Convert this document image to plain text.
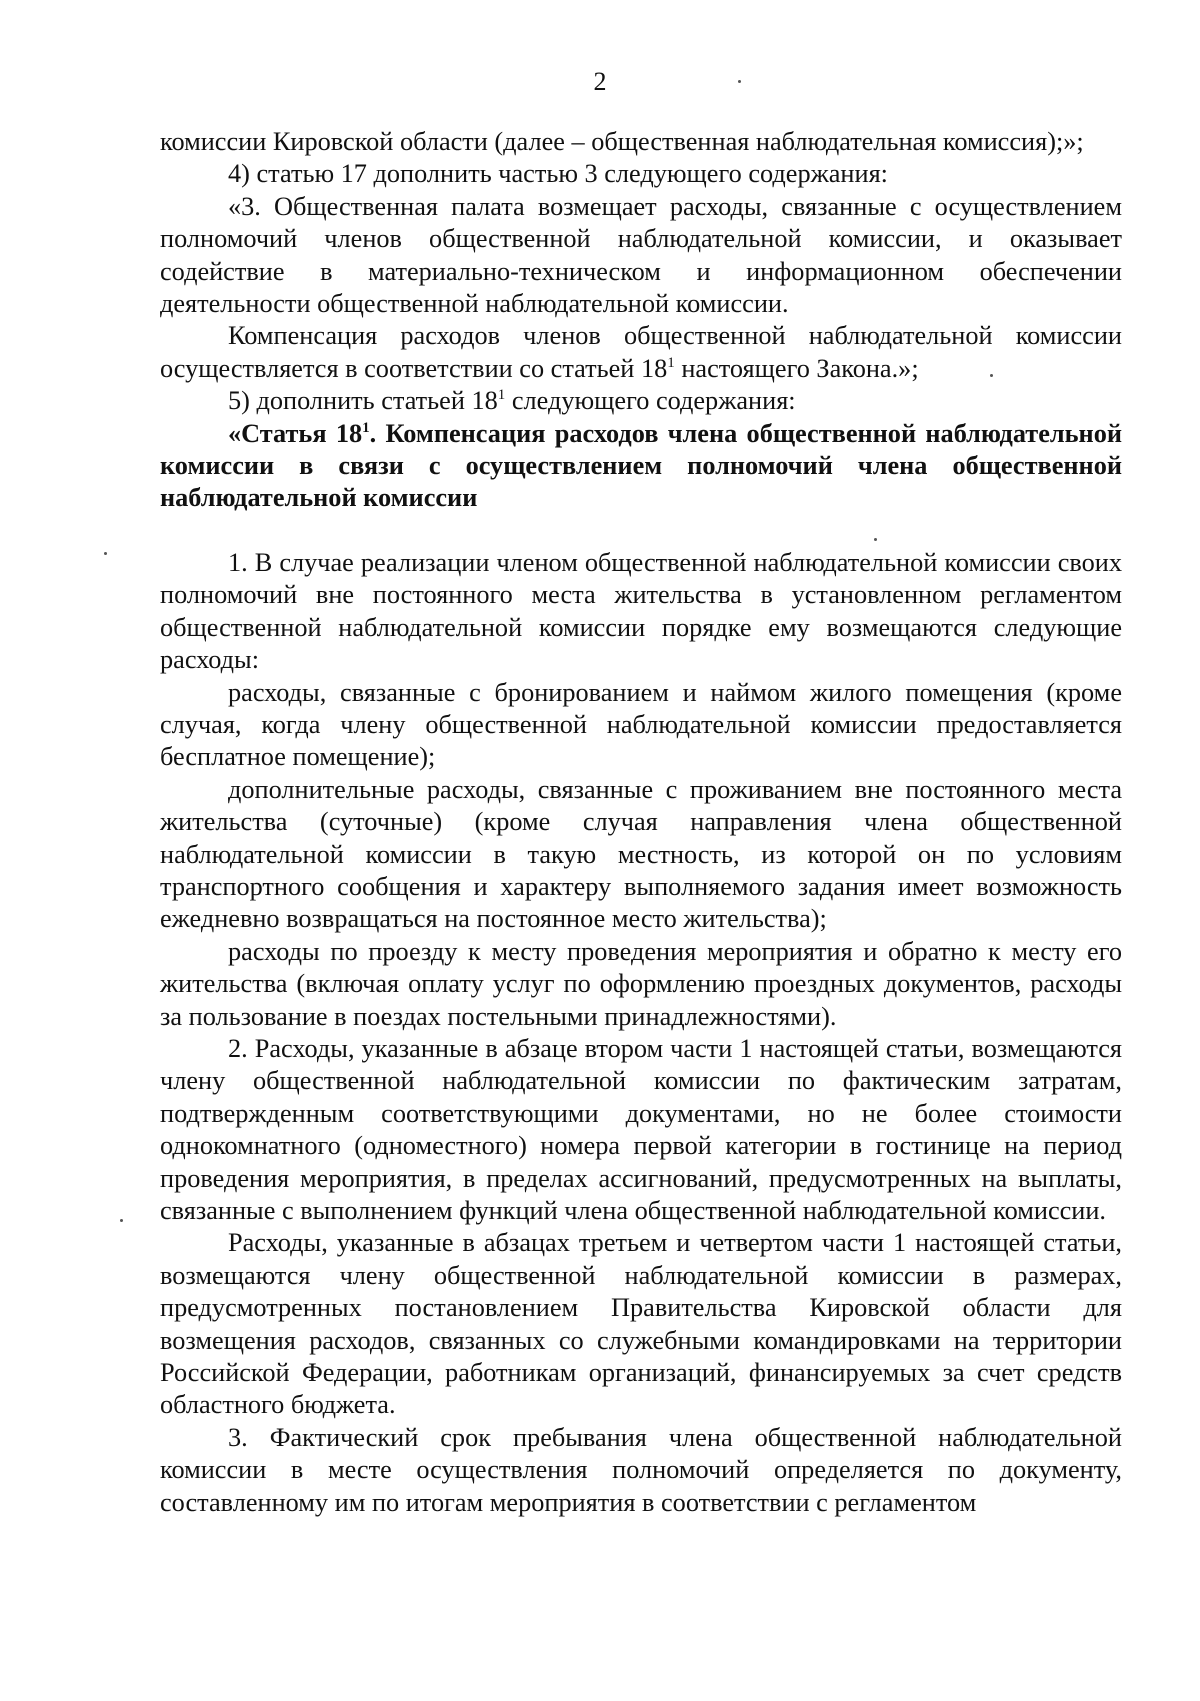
2

комиссии Кировской области (далее – общественная наблюдательная комиссия);»;

4) статью 17 дополнить частью 3 следующего содержания:

«3. Общественная палата возмещает расходы, связанные с осуществлением полномочий членов общественной наблюдательной комиссии, и оказывает содействие в материально-техническом и информационном обеспечении деятельности общественной наблюдательной комиссии.

Компенсация расходов членов общественной наблюдательной комиссии осуществляется в соответствии со статьей $18^1$ настоящего Закона.»;

5) дополнить статьей $18^1$ следующего содержания:

«Статья $18^1$. Компенсация расходов члена общественной наблюдательной комиссии в связи с осуществлением полномочий члена общественной наблюдательной комиссии

1. В случае реализации членом общественной наблюдательной комиссии своих полномочий вне постоянного места жительства в установленном регламентом общественной наблюдательной комиссии порядке ему возмещаются следующие расходы:

расходы, связанные с бронированием и наймом жилого помещения (кроме случая, когда члену общественной наблюдательной комиссии предоставляется бесплатное помещение);

дополнительные расходы, связанные с проживанием вне постоянного места жительства (суточные) (кроме случая направления члена общественной наблюдательной комиссии в такую местность, из которой он по условиям транспортного сообщения и характеру выполняемого задания имеет возможность ежедневно возвращаться на постоянное место жительства);

расходы по проезду к месту проведения мероприятия и обратно к месту его жительства (включая оплату услуг по оформлению проездных документов, расходы за пользование в поездах постельными принадлежностями).

2. Расходы, указанные в абзаце втором части 1 настоящей статьи, возмещаются члену общественной наблюдательной комиссии по фактическим затратам, подтвержденным соответствующими документами, но не более стоимости однокомнатного (одноместного) номера первой категории в гостинице на период проведения мероприятия, в пределах ассигнований, предусмотренных на выплаты, связанные с выполнением функций члена общественной наблюдательной комиссии.

Расходы, указанные в абзацах третьем и четвертом части 1 настоящей статьи, возмещаются члену общественной наблюдательной комиссии в размерах, предусмотренных постановлением Правительства Кировской области для возмещения расходов, связанных со служебными командировками на территории Российской Федерации, работникам организаций, финансируемых за счет средств областного бюджета.

3. Фактический срок пребывания члена общественной наблюдательной комиссии в месте осуществления полномочий определяется по документу, составленному им по итогам мероприятия в соответствии с регламентом
